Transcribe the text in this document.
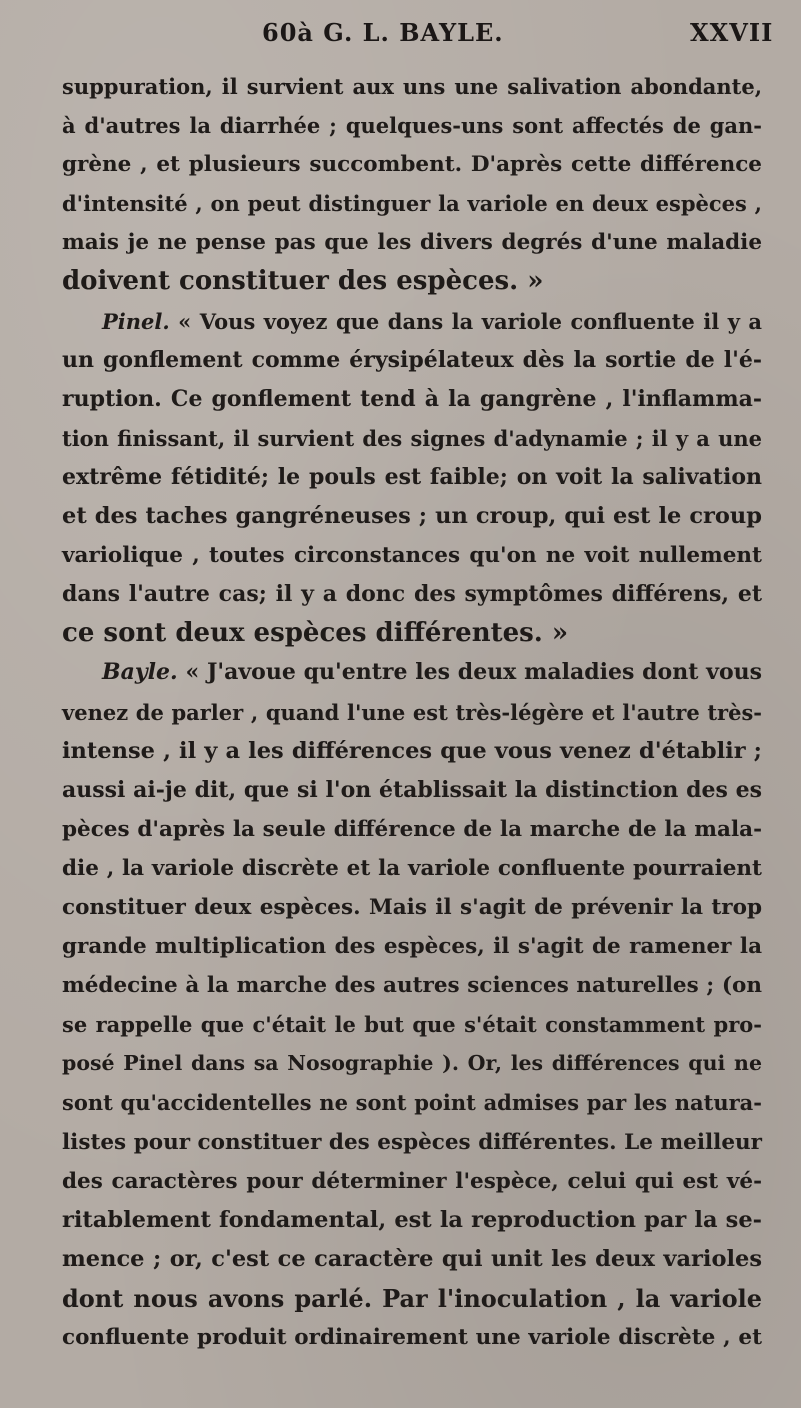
60à G. L. BAYLE.	XXVII
suppuration, il survient aux uns une salivation abondante,
à d'autres la diarrhée ; quelques-uns sont affectés de gan-
grène , et plusieurs succombent. D'après cette différence
d'intensité , on peut distinguer la variole en deux espèces ,
mais je ne pense pas que les divers degrés d'une maladie
doivent constituer des espèces. »
Pinel. « Vous voyez que dans la variole confluente il y a
un gonflement comme érysipélateux dès la sortie de l'é-
ruption. Ce gonflement tend à la gangrène , l'inflamma-
tion finissant, il survient des signes d'adynamie ; il y a une
extrême fétidité; le pouls est faible; on voit la salivation
et des taches gangréneuses ; un croup, qui est le croup
variolique , toutes circonstances qu'on ne voit nullement
dans l'autre cas; il y a donc des symptômes différens, et
ce sont deux espèces différentes. »
Bayle. « J'avoue qu'entre les deux maladies dont vous
venez de parler , quand l'une est très-légère et l'autre très-
intense , il y a les différences que vous venez d'établir ;
aussi ai-je dit, que si l'on établissait la distinction des es
pèces d'après la seule différence de la marche de la mala-
die , la variole discrète et la variole confluente pourraient
constituer deux espèces. Mais il s'agit de prévenir la trop
grande multiplication des espèces, il s'agit de ramener la
médecine à la marche des autres sciences naturelles ; (on
se rappelle que c'était le but que s'était constamment pro-
posé Pinel dans sa Nosographie ). Or, les différences qui ne
sont qu'accidentelles ne sont point admises par les natura-
listes pour constituer des espèces différentes. Le meilleur
des caractères pour déterminer l'espèce, celui qui est vé-
ritablement fondamental, est la reproduction par la se-
mence ; or, c'est ce caractère qui unit les deux varioles
dont nous avons parlé. Par l'inoculation , la variole
confluente produit ordinairement une variole discrète , et
